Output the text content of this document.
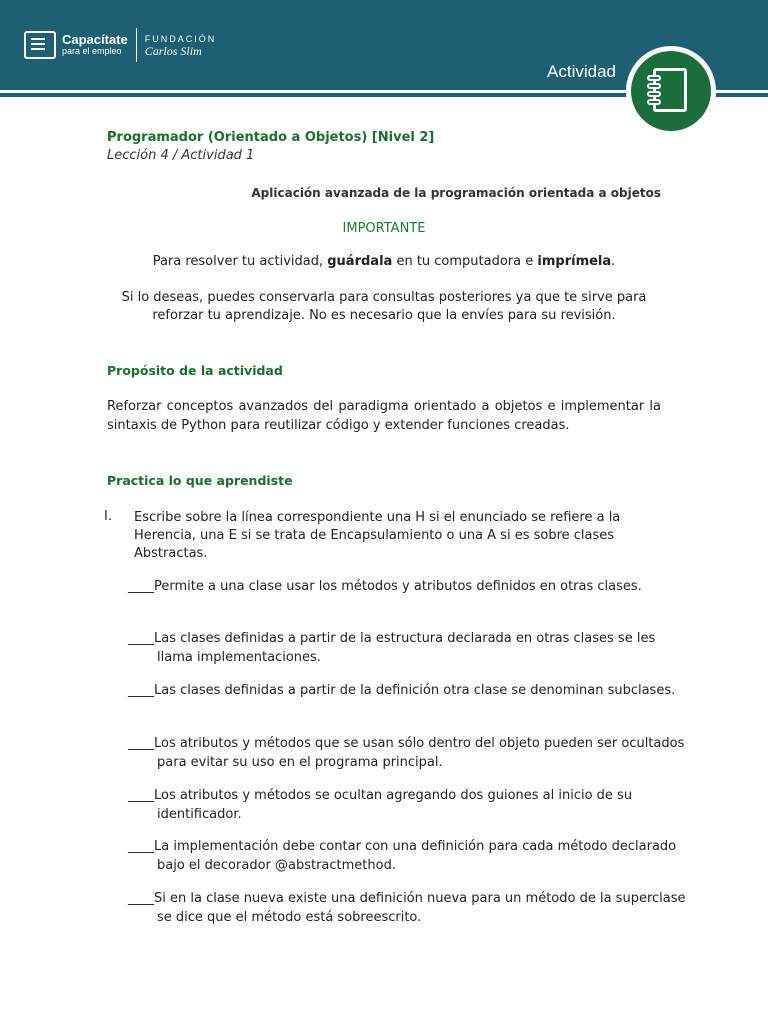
Capacítate
para el empleo
FUNDACIÓN
Carlos Slim
Actividad
Programador (Orientado a Objetos) [Nivel 2]
Lección 4 / Actividad 1
Aplicación avanzada de la programación orientada a objetos
IMPORTANTE
Para resolver tu actividad, guárdala en tu computadora e imprímela.
Si lo deseas, puedes conservarla para consultas posteriores ya que te sirve para reforzar tu aprendizaje. No es necesario que la envíes para su revisión.
Propósito de la actividad
Reforzar conceptos avanzados del paradigma orientado a objetos e implementar la sintaxis de Python para reutilizar código y extender funciones creadas.
Practica lo que aprendiste
I. Escribe sobre la línea correspondiente una H si el enunciado se refiere a la Herencia, una E si se trata de Encapsulamiento o una A si es sobre clases Abstractas.
____Permite a una clase usar los métodos y atributos definidos en otras clases.
____Las clases definidas a partir de la estructura declarada en otras clases se les llama implementaciones.
____Las clases definidas a partir de la definición otra clase se denominan subclases.
____Los atributos y métodos que se usan sólo dentro del objeto pueden ser ocultados para evitar su uso en el programa principal.
____Los atributos y métodos se ocultan agregando dos guiones al inicio de su identificador.
____La implementación debe contar con una definición para cada método declarado bajo el decorador @abstractmethod.
____Si en la clase nueva existe una definición nueva para un método de la superclase se dice que el método está sobreescrito.
